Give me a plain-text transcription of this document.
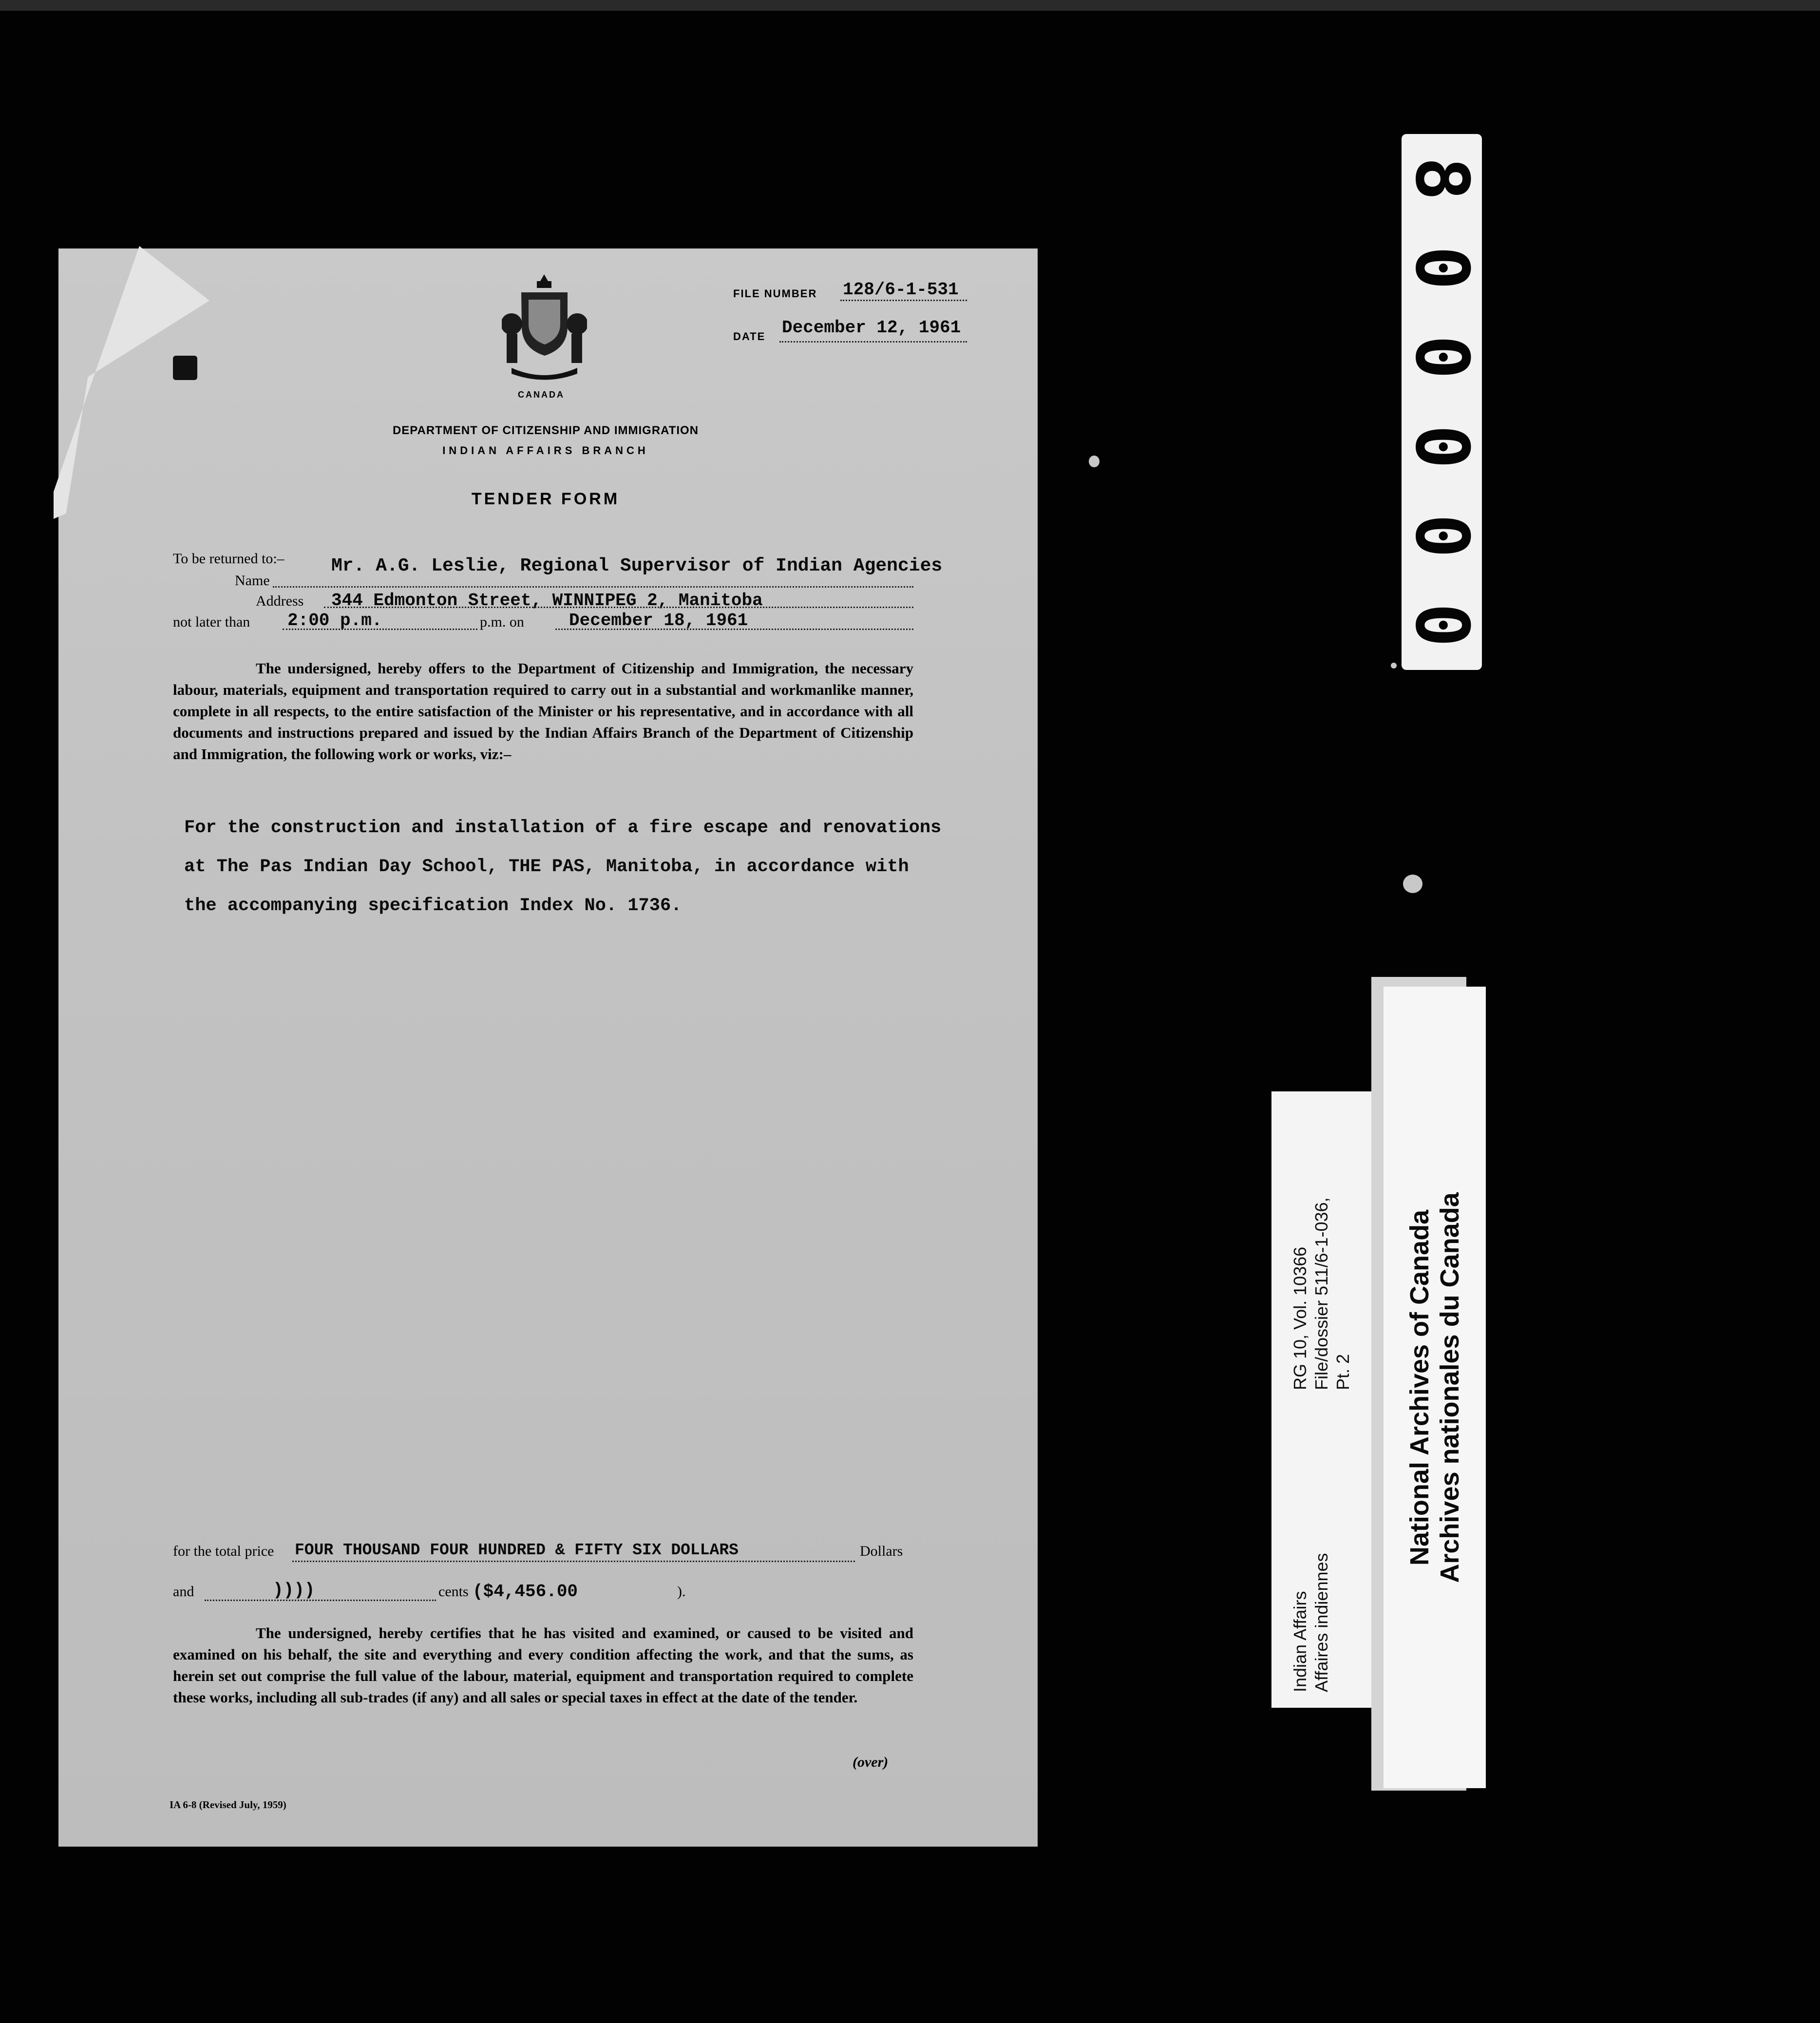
CANADA
FILE NUMBER 128/6-1-531
DATE December 12, 1961
DEPARTMENT OF CITIZENSHIP AND IMMIGRATION
INDIAN AFFAIRS BRANCH
TENDER FORM
To be returned to:–	Mr. A.G. Leslie, Regional Supervisor of Indian Agencies
Name
Address 344 Edmonton Street, WINNIPEG 2, Manitoba
not later than 2:00 p.m.	p.m. on	December 18, 1961
The undersigned, hereby offers to the Department of Citizenship and Immigration, the necessary labour, materials, equipment and transportation required to carry out in a substantial and workmanlike manner, complete in all respects, to the entire satisfaction of the Minister or his representative, and in accordance with all documents and instructions prepared and issued by the Indian Affairs Branch of the Department of Citizenship and Immigration, the following work or works, viz:–
For the construction and installation of a fire escape and renovations
at The Pas Indian Day School, THE PAS, Manitoba, in accordance with
the accompanying specification Index No. 1736.
for the total price FOUR THOUSAND FOUR HUNDRED & FIFTY SIX DOLLARS	Dollars
and	))))	cents ($4,456.00	).
The undersigned, hereby certifies that he has visited and examined, or caused to be visited and examined on his behalf, the site and everything and every condition affecting the work, and that the sums, as herein set out comprise the full value of the labour, material, equipment and transportation required to complete these works, including all sub-trades (if any) and all sales or special taxes in effect at the date of the tender.
(over)
IA 6-8 (Revised July, 1959)
8
0
0
0
0
0
Indian Affairs
RG 10, Vol. 10366
Affaires indiennes
File/dossier 511/6-1-036, Pt. 2 National Archives of Canada Archives nationales du Canada
